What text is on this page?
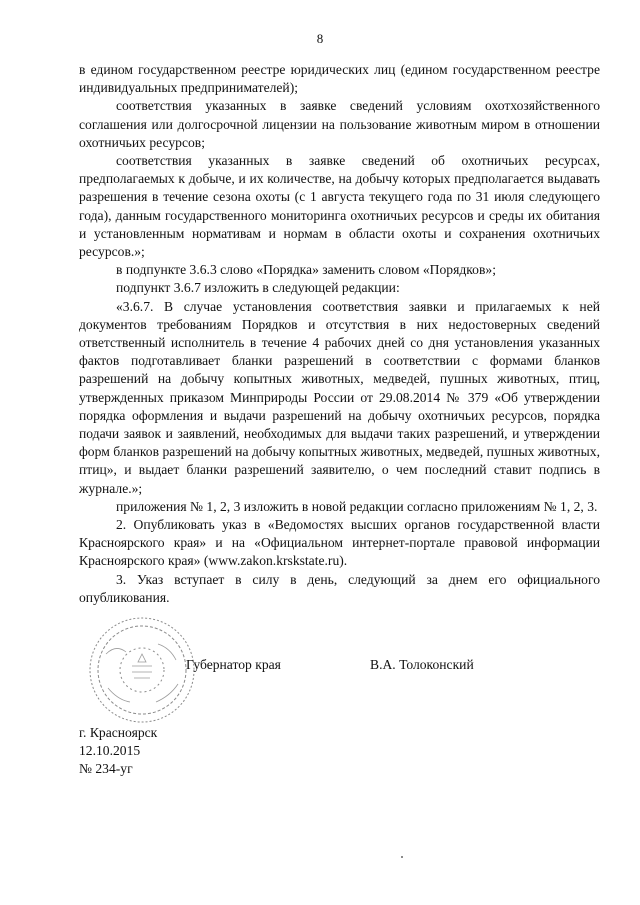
8

в едином государственном реестре юридических лиц (едином государственном реестре индивидуальных предпринимателей);

соответствия указанных в заявке сведений условиям охотхозяйственного соглашения или долгосрочной лицензии на пользование животным миром в отношении охотничьих ресурсов;

соответствия указанных в заявке сведений об охотничьих ресурсах, предполагаемых к добыче, и их количестве, на добычу которых предполагается выдавать разрешения в течение сезона охоты (с 1 августа текущего года по 31 июля следующего года), данным государственного мониторинга охотничьих ресурсов и среды их обитания и установленным нормативам и нормам в области охоты и сохранения охотничьих ресурсов.»;

в подпункте 3.6.3 слово «Порядка» заменить словом «Порядков»;

подпункт 3.6.7 изложить в следующей редакции:

«3.6.7. В случае установления соответствия заявки и прилагаемых к ней документов требованиям Порядков и отсутствия в них недостоверных сведений ответственный исполнитель в течение 4 рабочих дней со дня установления указанных фактов подготавливает бланки разрешений в соответствии с формами бланков разрешений на добычу копытных животных, медведей, пушных животных, птиц, утвержденных приказом Минприроды России от 29.08.2014 № 379 «Об утверждении порядка оформления и выдачи разрешений на добычу охотничьих ресурсов, порядка подачи заявок и заявлений, необходимых для выдачи таких разрешений, и утверждении форм бланков разрешений на добычу копытных животных, медведей, пушных животных, птиц», и выдает бланки разрешений заявителю, о чем последний ставит подпись в журнале.»;

приложения № 1, 2, 3 изложить в новой редакции согласно приложениям № 1, 2, 3.

2. Опубликовать указ в «Ведомостях высших органов государственной власти Красноярского края» и на «Официальном интернет-портале правовой информации Красноярского края» (www.zakon.krskstate.ru).

3. Указ вступает в силу в день, следующий за днем его официального опубликования.

Губернатор края	В.А. Толоконский
г. Красноярск
12.10.2015
№ 234-уг
